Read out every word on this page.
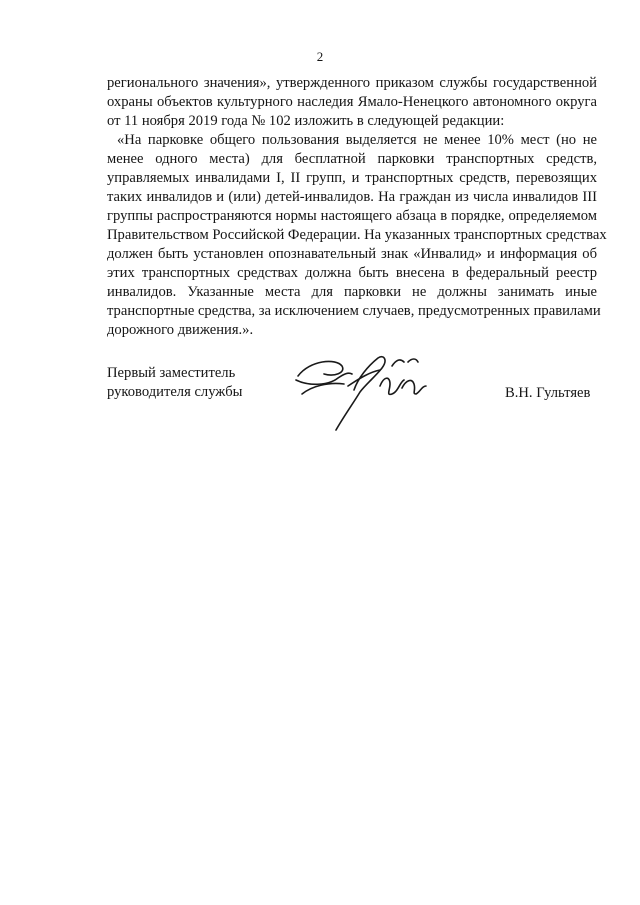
2
регионального значения», утвержденного приказом службы государственной
охраны объектов культурного наследия Ямало-Ненецкого автономного округа
от 11 ноября 2019 года № 102 изложить в следующей редакции:
«На парковке общего пользования выделяется не менее 10% мест (но не
менее одного места) для бесплатной парковки транспортных средств,
управляемых инвалидами I, II групп, и транспортных средств, перевозящих
таких инвалидов и (или) детей-инвалидов. На граждан из числа инвалидов III
группы распространяются нормы настоящего абзаца в порядке, определяемом
Правительством Российской Федерации. На указанных транспортных средствах
должен быть установлен опознавательный знак «Инвалид» и информация об
этих транспортных средствах должна быть внесена в федеральный реестр
инвалидов. Указанные места для парковки не должны занимать иные
транспортные средства, за исключением случаев, предусмотренных правилами
дорожного движения.».
Первый заместитель
руководителя службы	В.Н. Гультяев
